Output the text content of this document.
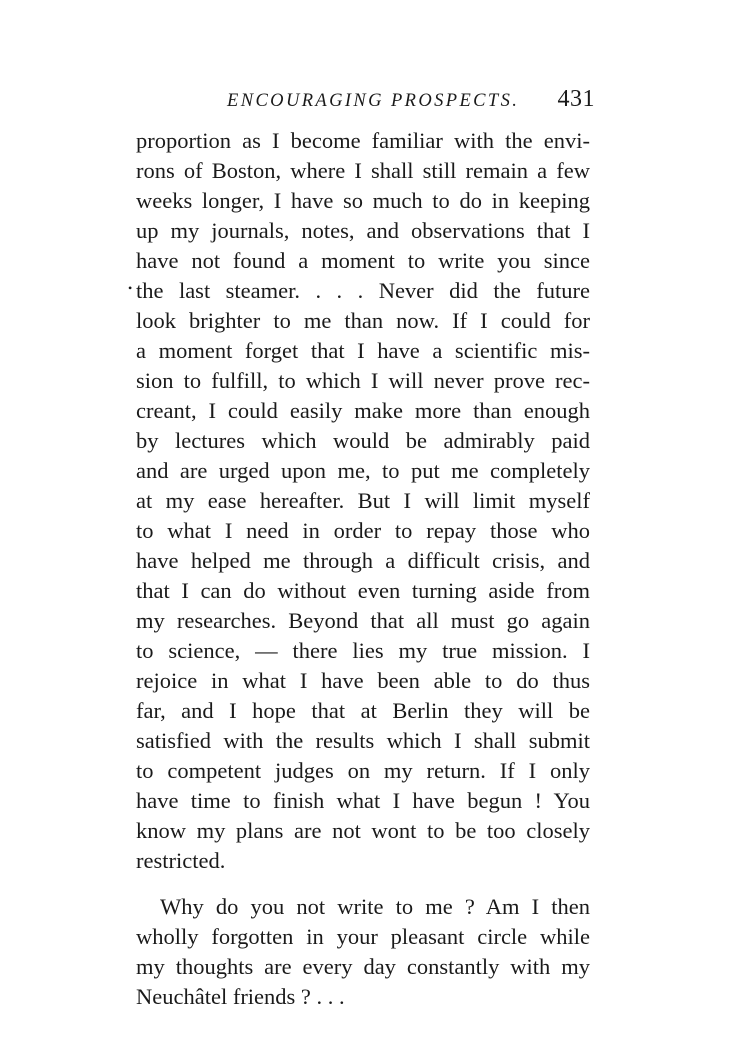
ENCOURAGING PROSPECTS. 431
•
proportion as I become familiar with the envi-
rons of Boston, where I shall still remain a few
weeks longer, I have so much to do in keeping
up my journals, notes, and observations that I
have not found a moment to write you since
the last steamer. . . . Never did the future
look brighter to me than now. If I could for
a moment forget that I have a scientific mis-
sion to fulfill, to which I will never prove rec-
creant, I could easily make more than enough
by lectures which would be admirably paid
and are urged upon me, to put me completely
at my ease hereafter. But I will limit myself
to what I need in order to repay those who
have helped me through a difficult crisis, and
that I can do without even turning aside from
my researches. Beyond that all must go again
to science, — there lies my true mission. I
rejoice in what I have been able to do thus
far, and I hope that at Berlin they will be
satisfied with the results which I shall submit
to competent judges on my return. If I only
have time to finish what I have begun ! You
know my plans are not wont to be too closely
restricted.
Why do you not write to me ? Am I then
wholly forgotten in your pleasant circle while
my thoughts are every day constantly with my
Neuchâtel friends ? . . .
